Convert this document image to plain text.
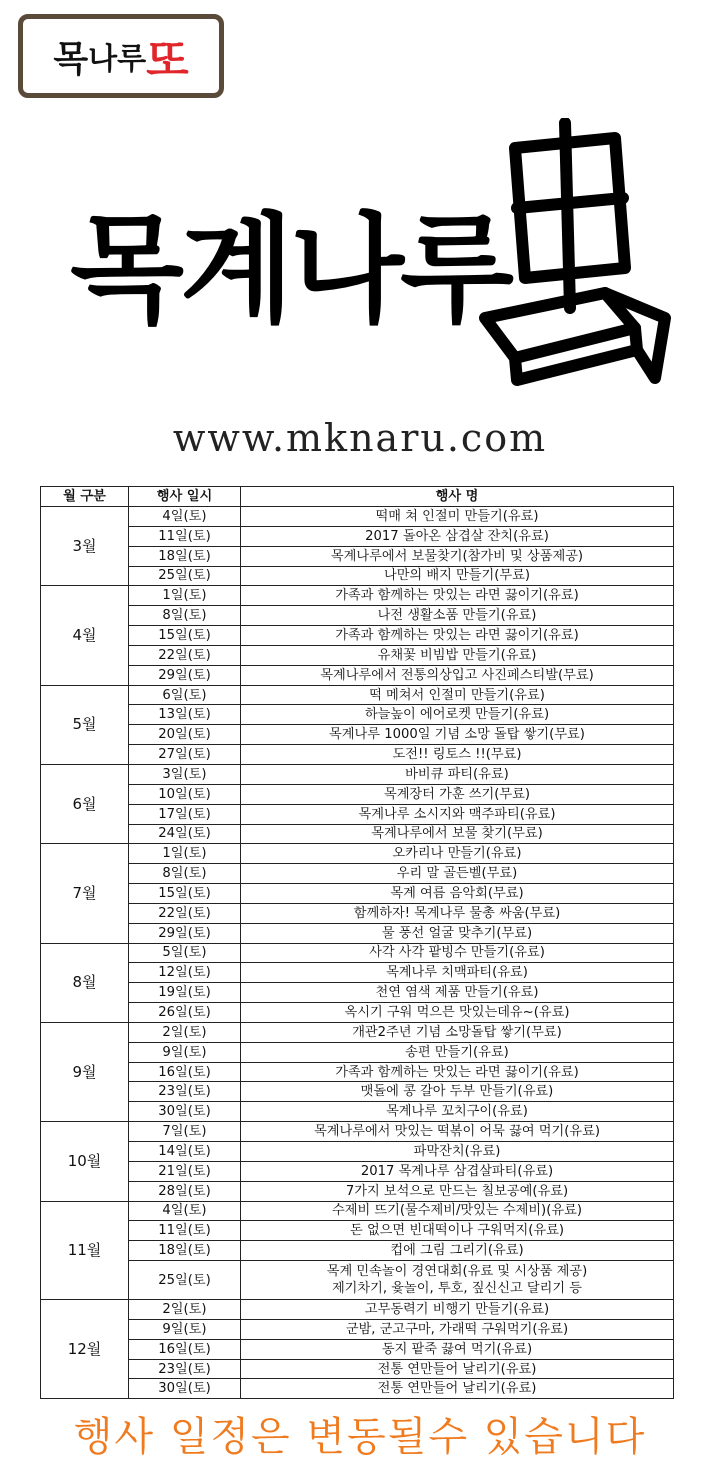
목 나루 또
목계나루
www.mknaru.com
월 구분	행사 일시	행사 명
3월	4일(토)	떡매 쳐 인절미 만들기(유료)
	11일(토)	2017 돌아온 삼겹살 잔치(유료)
	18일(토)	목계나루에서 보물찾기(참가비 및 상품제공)
	25일(토)	나만의 배지 만들기(무료)
4월	1일(토)	가족과 함께하는 맛있는 라면 끓이기(유료)
	8일(토)	나전 생활소품 만들기(유료)
	15일(토)	가족과 함께하는 맛있는 라면 끓이기(유료)
	22일(토)	유채꽃 비빔밥 만들기(유료)
	29일(토)	목계나루에서 전통의상입고 사진페스티발(무료)
5월	6일(토)	떡 메쳐서 인절미 만들기(유료)
	13일(토)	하늘높이 에어로켓 만들기(유료)
	20일(토)	목계나루 1000일 기념 소망 돌탑 쌓기(무료)
	27일(토)	도전!! 링토스 !!(무료)
6월	3일(토)	바비큐 파티(유료)
	10일(토)	목계장터 가훈 쓰기(무료)
	17일(토)	목계나루 소시지와 맥주파티(유료)
	24일(토)	목계나루에서 보물 찾기(무료)
7월	1일(토)	오카리나 만들기(유료)
	8일(토)	우리 말 골든벨(무료)
	15일(토)	목계 여름 음악회(무료)
	22일(토)	함께하자! 목계나루 물총 싸움(무료)
	29일(토)	물 풍선 얼굴 맞추기(무료)
8월	5일(토)	사각 사각 팥빙수 만들기(유료)
	12일(토)	목계나루 치맥파티(유료)
	19일(토)	천연 염색 제품 만들기(유료)
	26일(토)	옥시기 구워 먹으믄 맛있는데유~(유료)
9월	2일(토)	개관2주년 기념 소망돌탑 쌓기(무료)
	9일(토)	송편 만들기(유료)
	16일(토)	가족과 함께하는 맛있는 라면 끓이기(유료)
	23일(토)	맷돌에 콩 갈아 두부 만들기(유료)
	30일(토)	목계나루 꼬치구이(유료)
10월	7일(토)	목계나루에서 맛있는 떡볶이 어묵 끓여 먹기(유료)
	14일(토)	파막잔치(유료)
	21일(토)	2017 목계나루 삼겹살파티(유료)
	28일(토)	7가지 보석으로 만드는 칠보공예(유료)
11월	4일(토)	수제비 뜨기(물수제비/맛있는 수제비)(유료)
	11일(토)	돈 없으면 빈대떡이나 구워먹지(유료)
	18일(토)	컵에 그림 그리기(유료)
	25일(토)	목계 민속놀이 경연대회(유료 및 시상품 제공)
제기차기, 윷놀이, 투호, 짚신신고 달리기 등

12월	2일(토)	고무동력기 비행기 만들기(유료)
	9일(토)	군밤, 군고구마, 가래떡 구워먹기(유료)
	16일(토)	동지 팥죽 끓여 먹기(유료)
	23일(토)	전통 연만들어 날리기(유료)
	30일(토)	전통 연만들어 날리기(유료)
행사 일정은 변동될수 있습니다
